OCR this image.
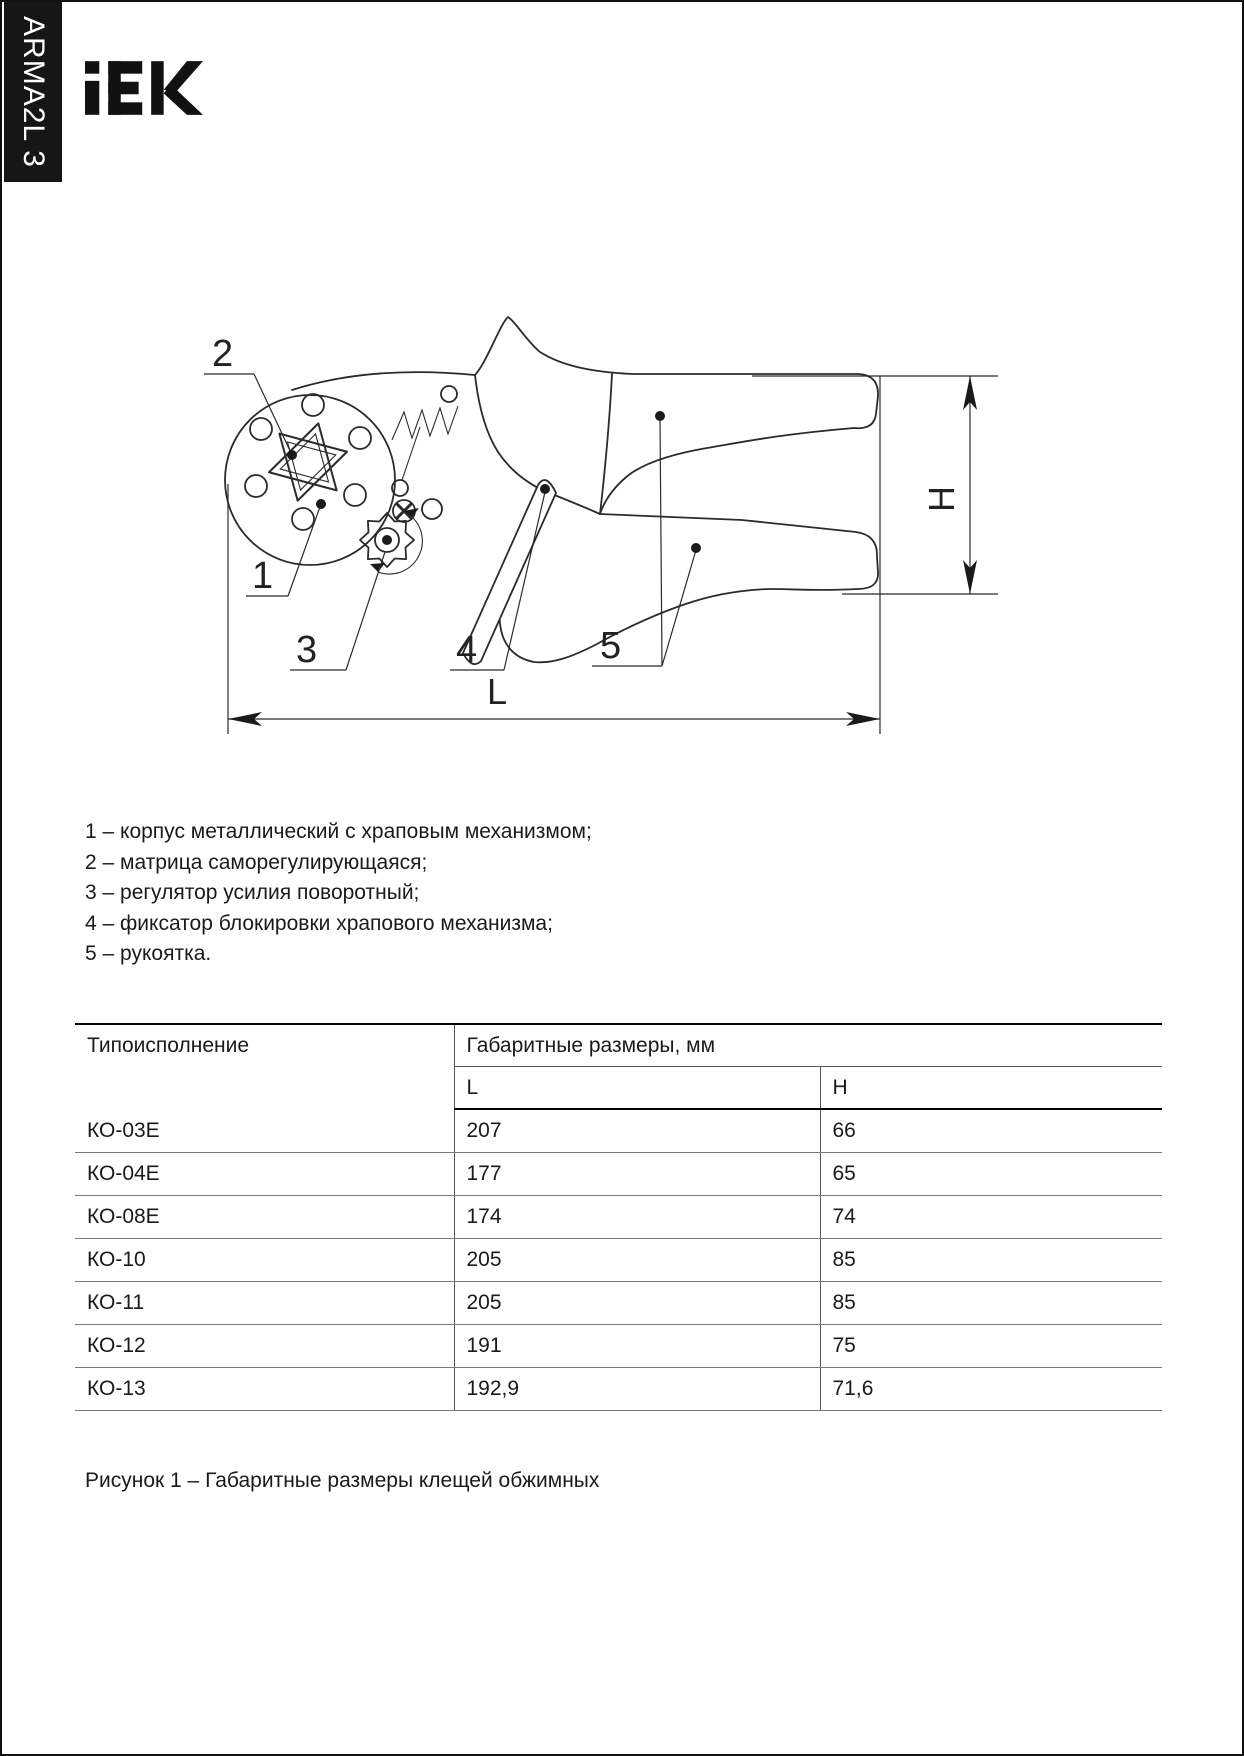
ARMA2L 3
L
H
2
1
3	4	5
1 – корпус металлический с храповым механизмом;
2 – матрица саморегулирующаяся;
3 – регулятор усилия поворотный;
4 – фиксатор блокировки храпового механизма;
5 – рукоятка.
Типоисполнение	Габаритные размеры, мм	
	L	H
КО-03Е	207	66
КО-04Е	177	65
КО-08Е	174	74
КО-10	205	85
КО-11	205	85
КО-12	191	75
КО-13	192,9	71,6
Рисунок 1 – Габаритные размеры клещей обжимных
